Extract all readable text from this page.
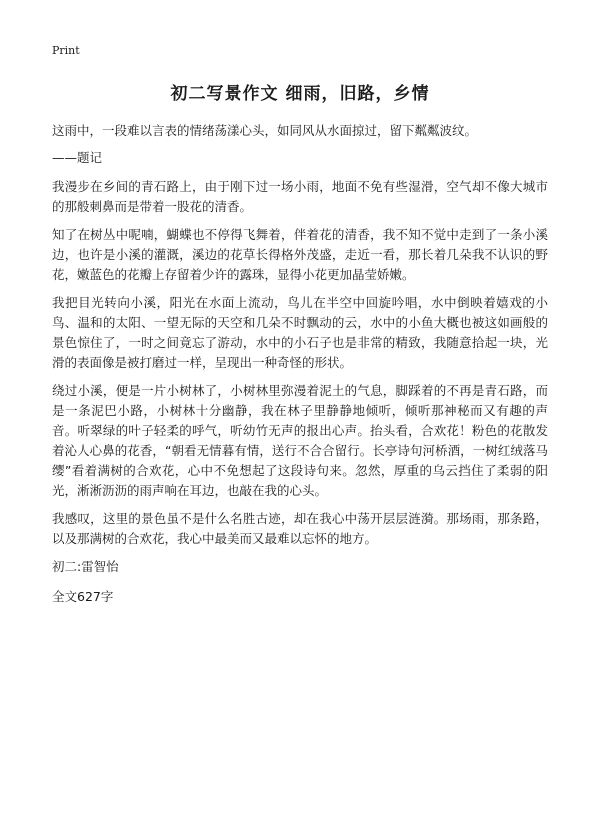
Print
初二写景作文 细雨，旧路，乡情

这雨中，一段难以言表的情绪荡漾心头，如同风从水面掠过，留下粼粼波纹。

——题记

我漫步在乡间的青石路上，由于刚下过一场小雨，地面不免有些湿滑，空气却不像大城市的那般刺鼻而是带着一股花的清香。

知了在树丛中呢喃，蝴蝶也不停得飞舞着，伴着花的清香，我不知不觉中走到了一条小溪边，也许是小溪的灌溉，溪边的花草长得格外茂盛，走近一看，那长着几朵我不认识的野花，嫩蓝色的花瓣上存留着少许的露珠，显得小花更加晶莹娇嫩。

我把目光转向小溪，阳光在水面上流动，鸟儿在半空中回旋吟唱，水中倒映着嬉戏的小鸟、温和的太阳、一望无际的天空和几朵不时飘动的云，水中的小鱼大概也被这如画般的景色惊住了，一时之间竟忘了游动，水中的小石子也是非常的精致，我随意拾起一块，光滑的表面像是被打磨过一样，呈现出一种奇怪的形状。

绕过小溪，便是一片小树林了，小树林里弥漫着泥土的气息，脚踩着的不再是青石路，而是一条泥巴小路，小树林十分幽静，我在林子里静静地倾听，倾听那神秘而又有趣的声音。听翠绿的叶子轻柔的呼气，听幼竹无声的报出心声。抬头看，合欢花！粉色的花散发着沁人心鼻的花香，“朝看无情暮有情，送行不合合留行。长亭诗句河桥酒，一树红绒落马缨”看着满树的合欢花，心中不免想起了这段诗句来。忽然，厚重的乌云挡住了柔弱的阳光，淅淅沥沥的雨声响在耳边，也敲在我的心头。

我感叹，这里的景色虽不是什么名胜古迹，却在我心中荡开层层涟漪。那场雨，那条路，以及那满树的合欢花，我心中最美而又最难以忘怀的地方。

初二:雷智怡

全文627字
